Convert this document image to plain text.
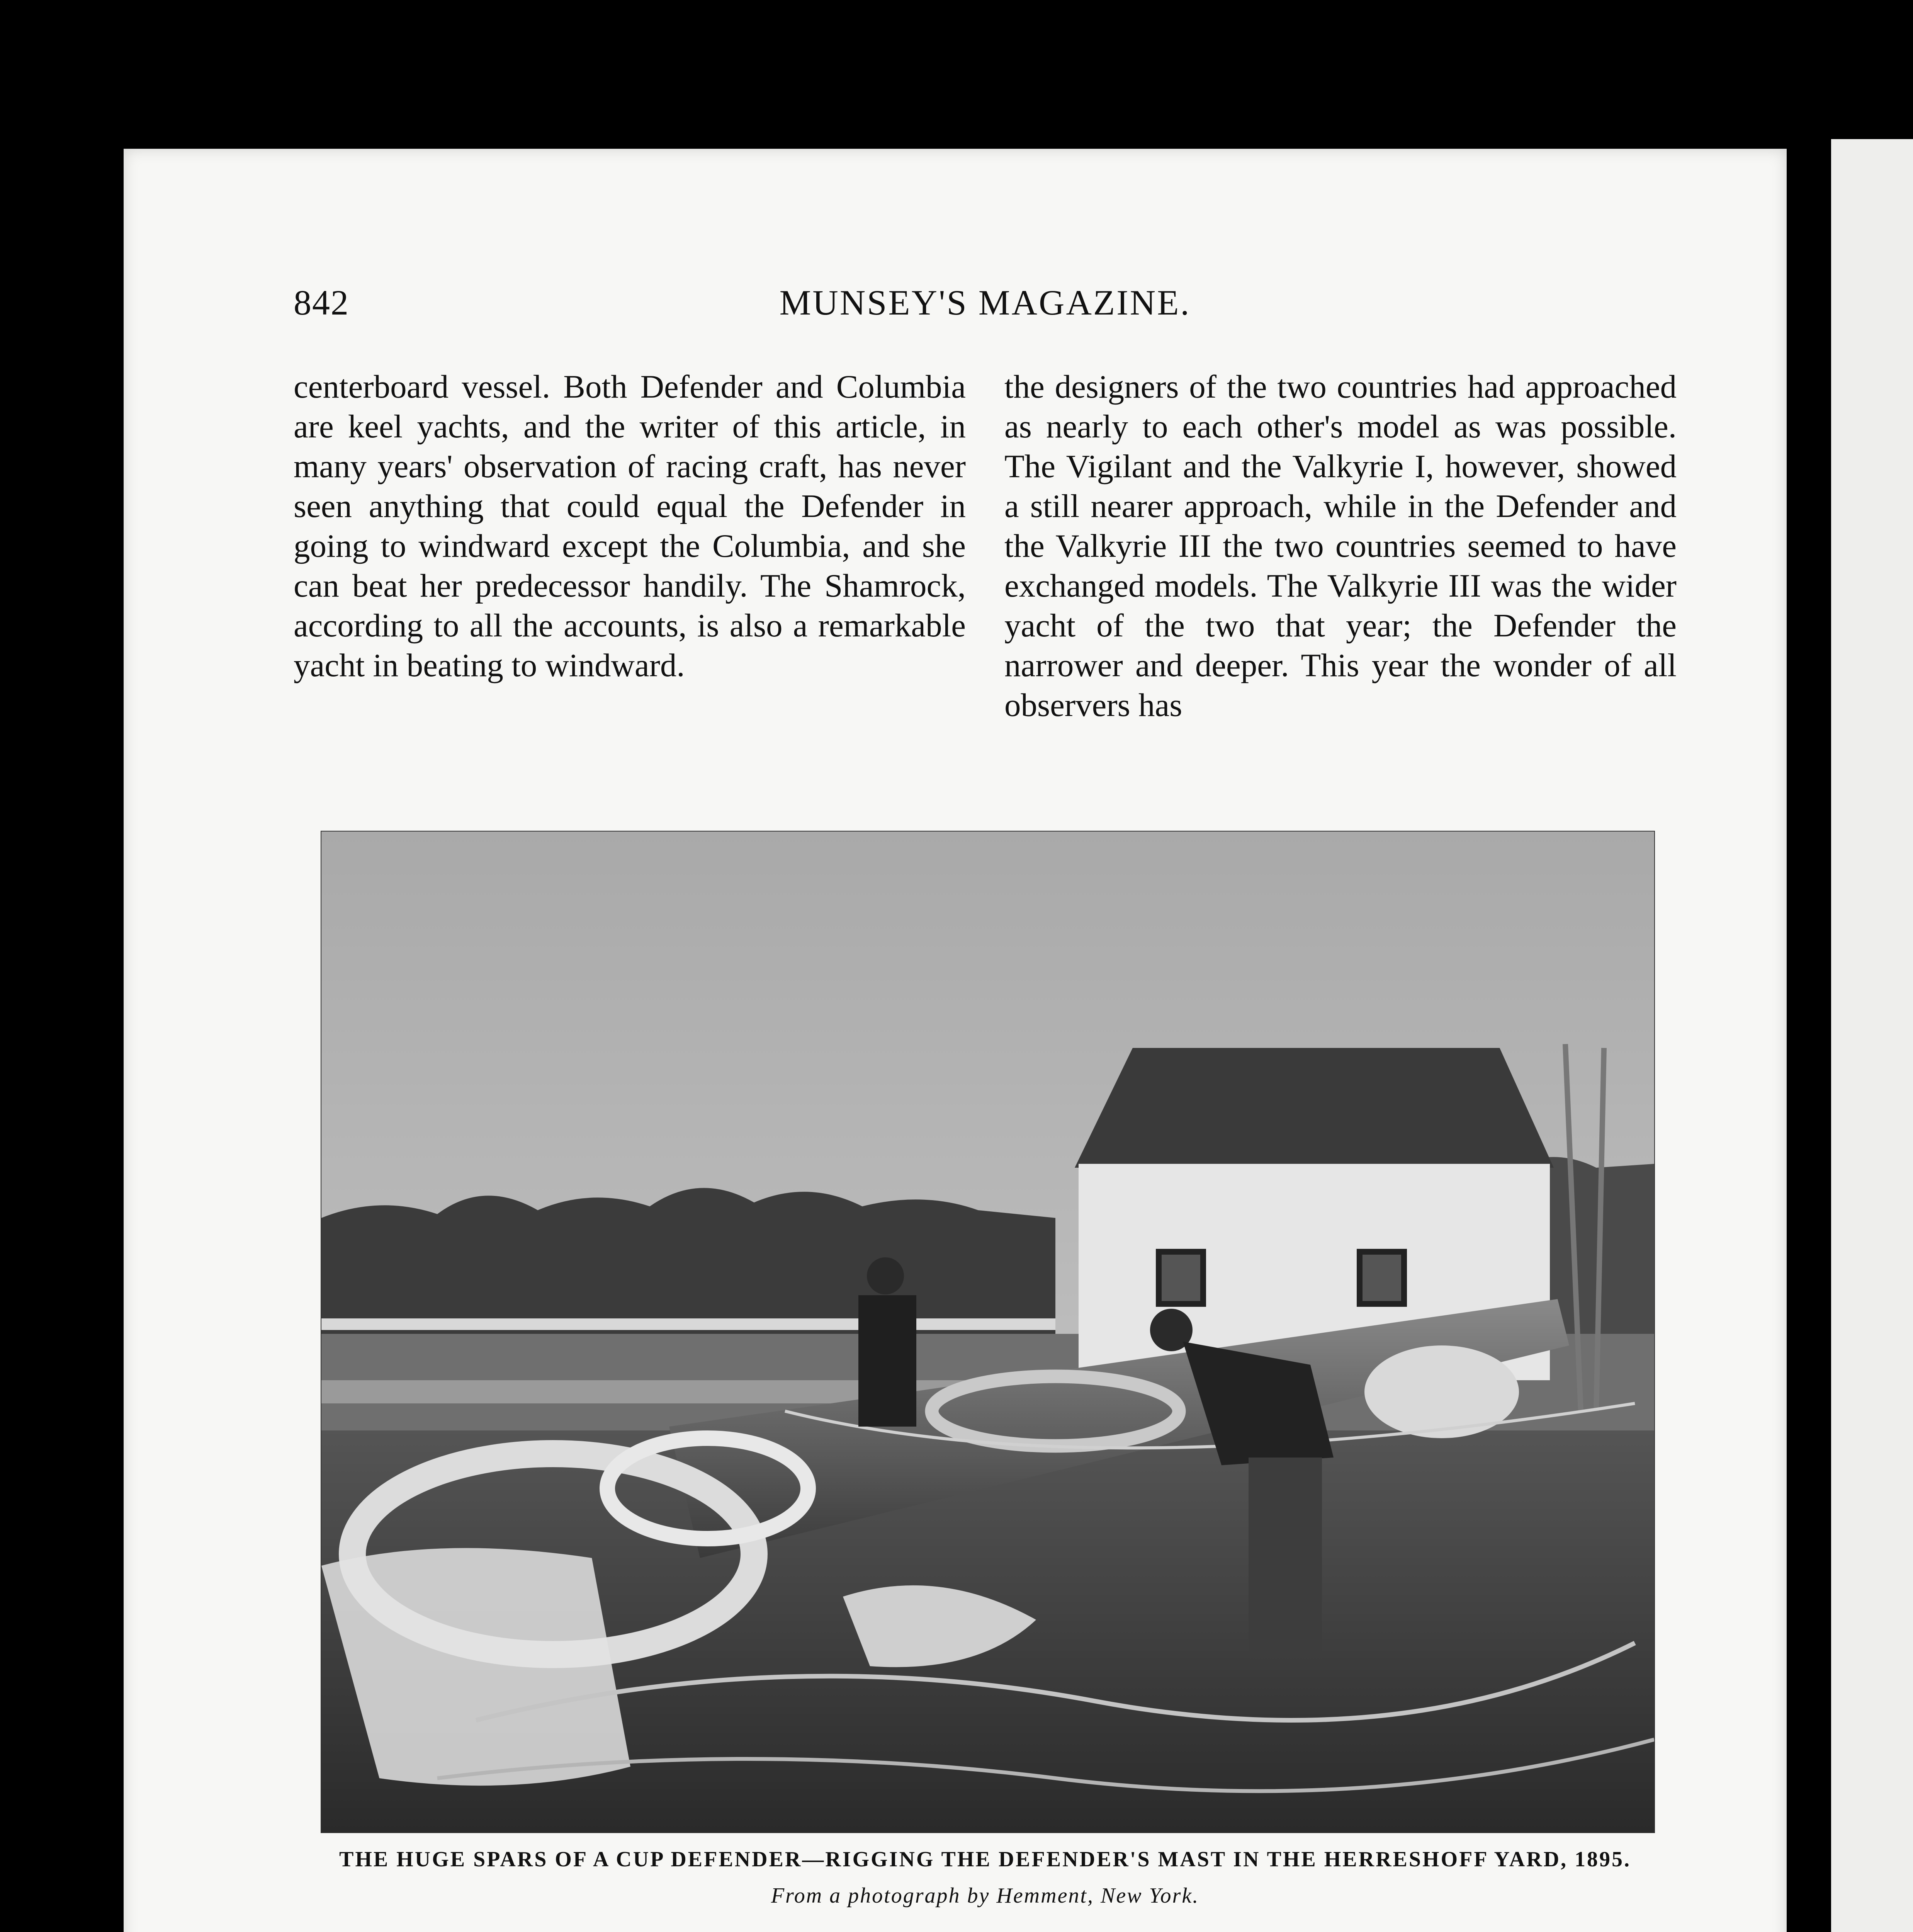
842	MUNSEY'S MAGAZINE.

centerboard vessel. Both Defender and Columbia are keel yachts, and the writer of this article, in many years' observation of racing craft, has never seen anything that could equal the Defender in going to windward except the Columbia, and she can beat her predecessor handily. The Shamrock, according to all the accounts, is also a remarkable yacht in beating to windward.

the designers of the two countries had approached as nearly to each other's model as was possible. The Vigilant and the Valkyrie I, however, showed a still nearer approach, while in the Defender and the Valkyrie III the two countries seemed to have exchanged models. The Valkyrie III was the wider yacht of the two that year; the Defender the narrower and deeper. This year the wonder of all observers has

THE HUGE SPARS OF A CUP DEFENDER—RIGGING THE DEFENDER'S MAST IN THE HERRESHOFF YARD, 1895.
From a photograph by Hemment, New York.
